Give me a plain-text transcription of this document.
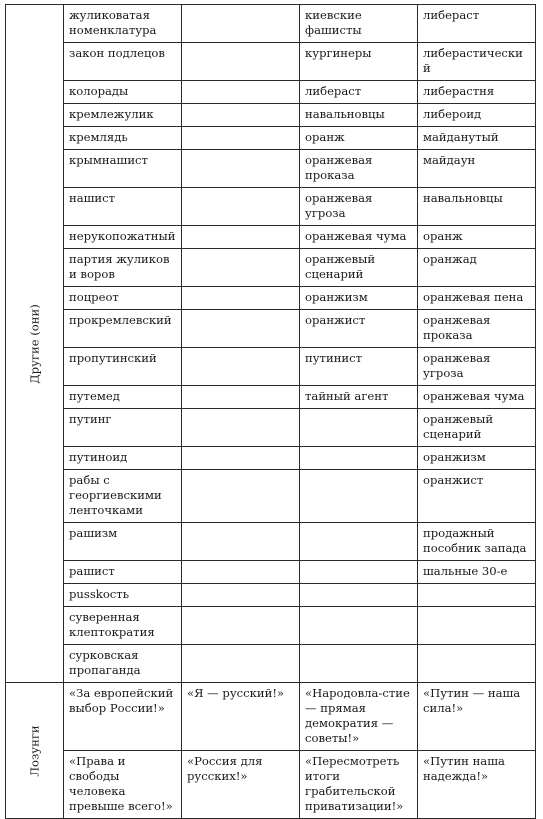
Другие (они)	жуликоватая номенклатура		киевские фашисты	либераст
	закон подлецов		кургинеры	либерастический
	колорады		либераст	либерастня
	кремлежулик		навальновцы	либероид
	кремлядь		оранж	майданутый
	крымнашист		оранжевая проказа	майдаун
	нашист		оранжевая угроза	навальновцы
	нерукопожатный		оранжевая чума	оранж
	партия жуликов и воров		оранжевый сценарий	оранжад
	поцреот		оранжизм	оранжевая пена
	прокремлевский		оранжист	оранжевая проказа
	пропутинский		путинист	оранжевая угроза
	путемед		тайный агент	оранжевая чума
	путинг			оранжевый сценарий
	путиноид			оранжизм
	рабы с георгиевскими ленточками			оранжист
	рашизм			продажный пособник запада
	рашист			шальные 30-е
	рusskость			
	суверенная клептократия			
	сурковская пропаганда			

Лозунги	«За европейский выбор России!»	«Я — русский!»	«Народовла-стие — прямая демократия — советы!»	«Путин — наша сила!»
	«Права и свободы человека превыше всего!»	«Россия для русских!»	«Пересмотреть итоги грабительской приватизации!»	«Путин наша надежда!»
